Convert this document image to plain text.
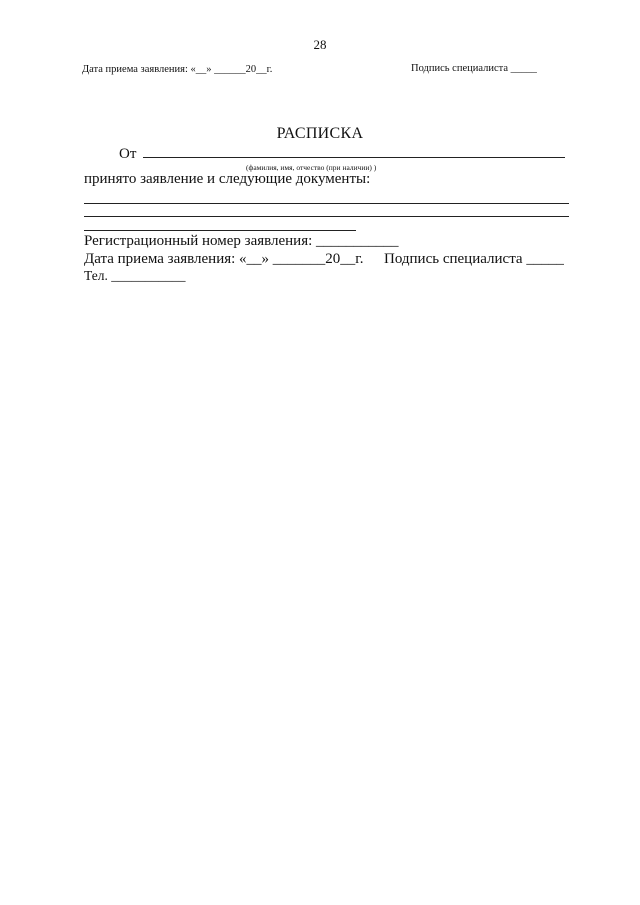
28
Дата приема заявления: «__» ______20__г.	Подпись специалиста _____
РАСПИСКА
От
(фамилия, имя, отчество (при наличии) )
принято заявление и следующие документы:
Регистрационный номер заявления: ___________
Дата приема заявления: «__» _______20__г. Подпись специалиста _____
Тел. ___________
